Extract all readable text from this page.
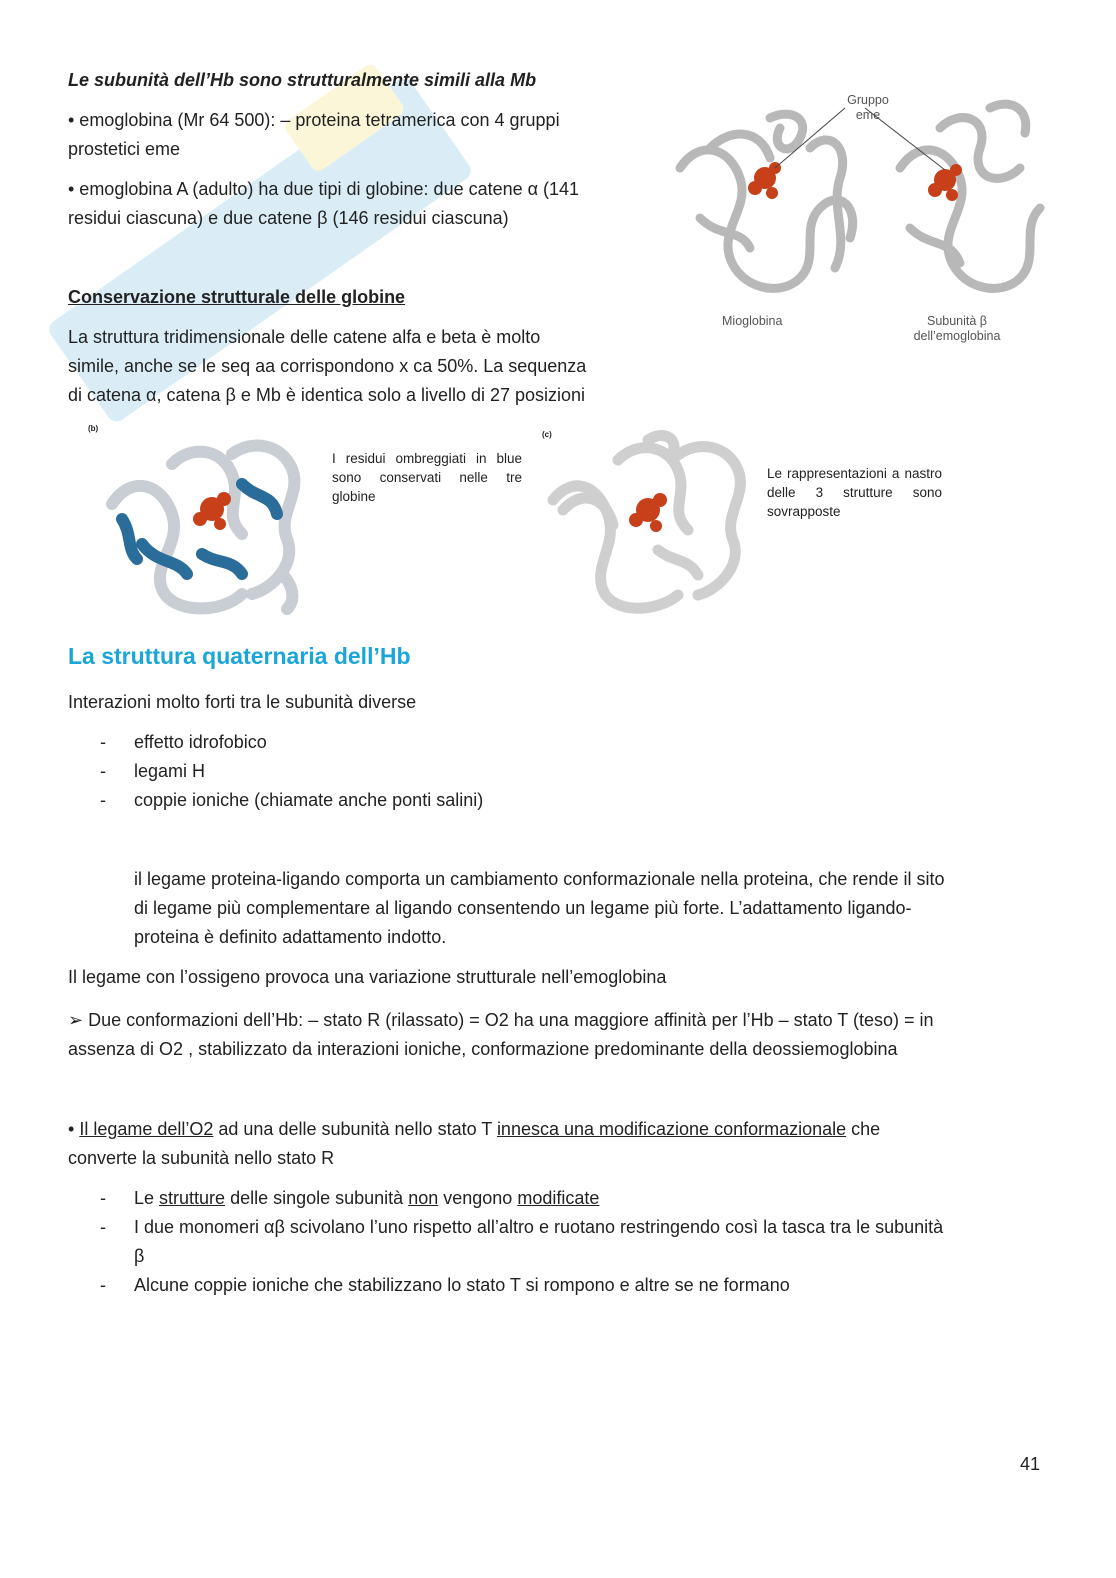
Le subunità dell’Hb sono strutturalmente simili alla Mb
• emoglobina (Mr 64 500): – proteina tetramerica con 4 gruppi
prostetici eme
• emoglobina A (adulto) ha due tipi di globine: due catene α (141
residui ciascuna) e due catene β (146 residui ciascuna)
Gruppo
eme
Mioglobina	Subunità β
dell’emoglobina
Conservazione strutturale delle globine
La struttura tridimensionale delle catene alfa e beta è molto
simile, anche se le seq aa corrispondono x ca 50%. La sequenza
di catena α, catena β e Mb è identica solo a livello di 27 posizioni
(b)
I residui ombreggiati in blue sono conservati nelle tre globine
(c)
Le rappresentazioni a nastro delle 3 strutture sono sovrapposte
La struttura quaternaria dell’Hb
Interazioni molto forti tra le subunità diverse
- effetto idrofobico
- legami H
- coppie ioniche (chiamate anche ponti salini)
il legame proteina-ligando comporta un cambiamento conformazionale nella proteina, che rende il sito
di legame più complementare al ligando consentendo un legame più forte. L’adattamento ligando-
proteina è definito adattamento indotto.
Il legame con l’ossigeno provoca una variazione strutturale nell’emoglobina
➢ Due conformazioni dell’Hb: – stato R (rilassato) = O2 ha una maggiore affinità per l’Hb – stato T (teso) = in
assenza di O2 , stabilizzato da interazioni ioniche, conformazione predominante della deossiemoglobina
• Il legame dell’O2 ad una delle subunità nello stato T innesca una modificazione conformazionale che
converte la subunità nello stato R
- Le strutture delle singole subunità non vengono modificate
- I due monomeri αβ scivolano l’uno rispetto all’altro e ruotano restringendo così la tasca tra le subunità
β
- Alcune coppie ioniche che stabilizzano lo stato T si rompono e altre se ne formano
41
